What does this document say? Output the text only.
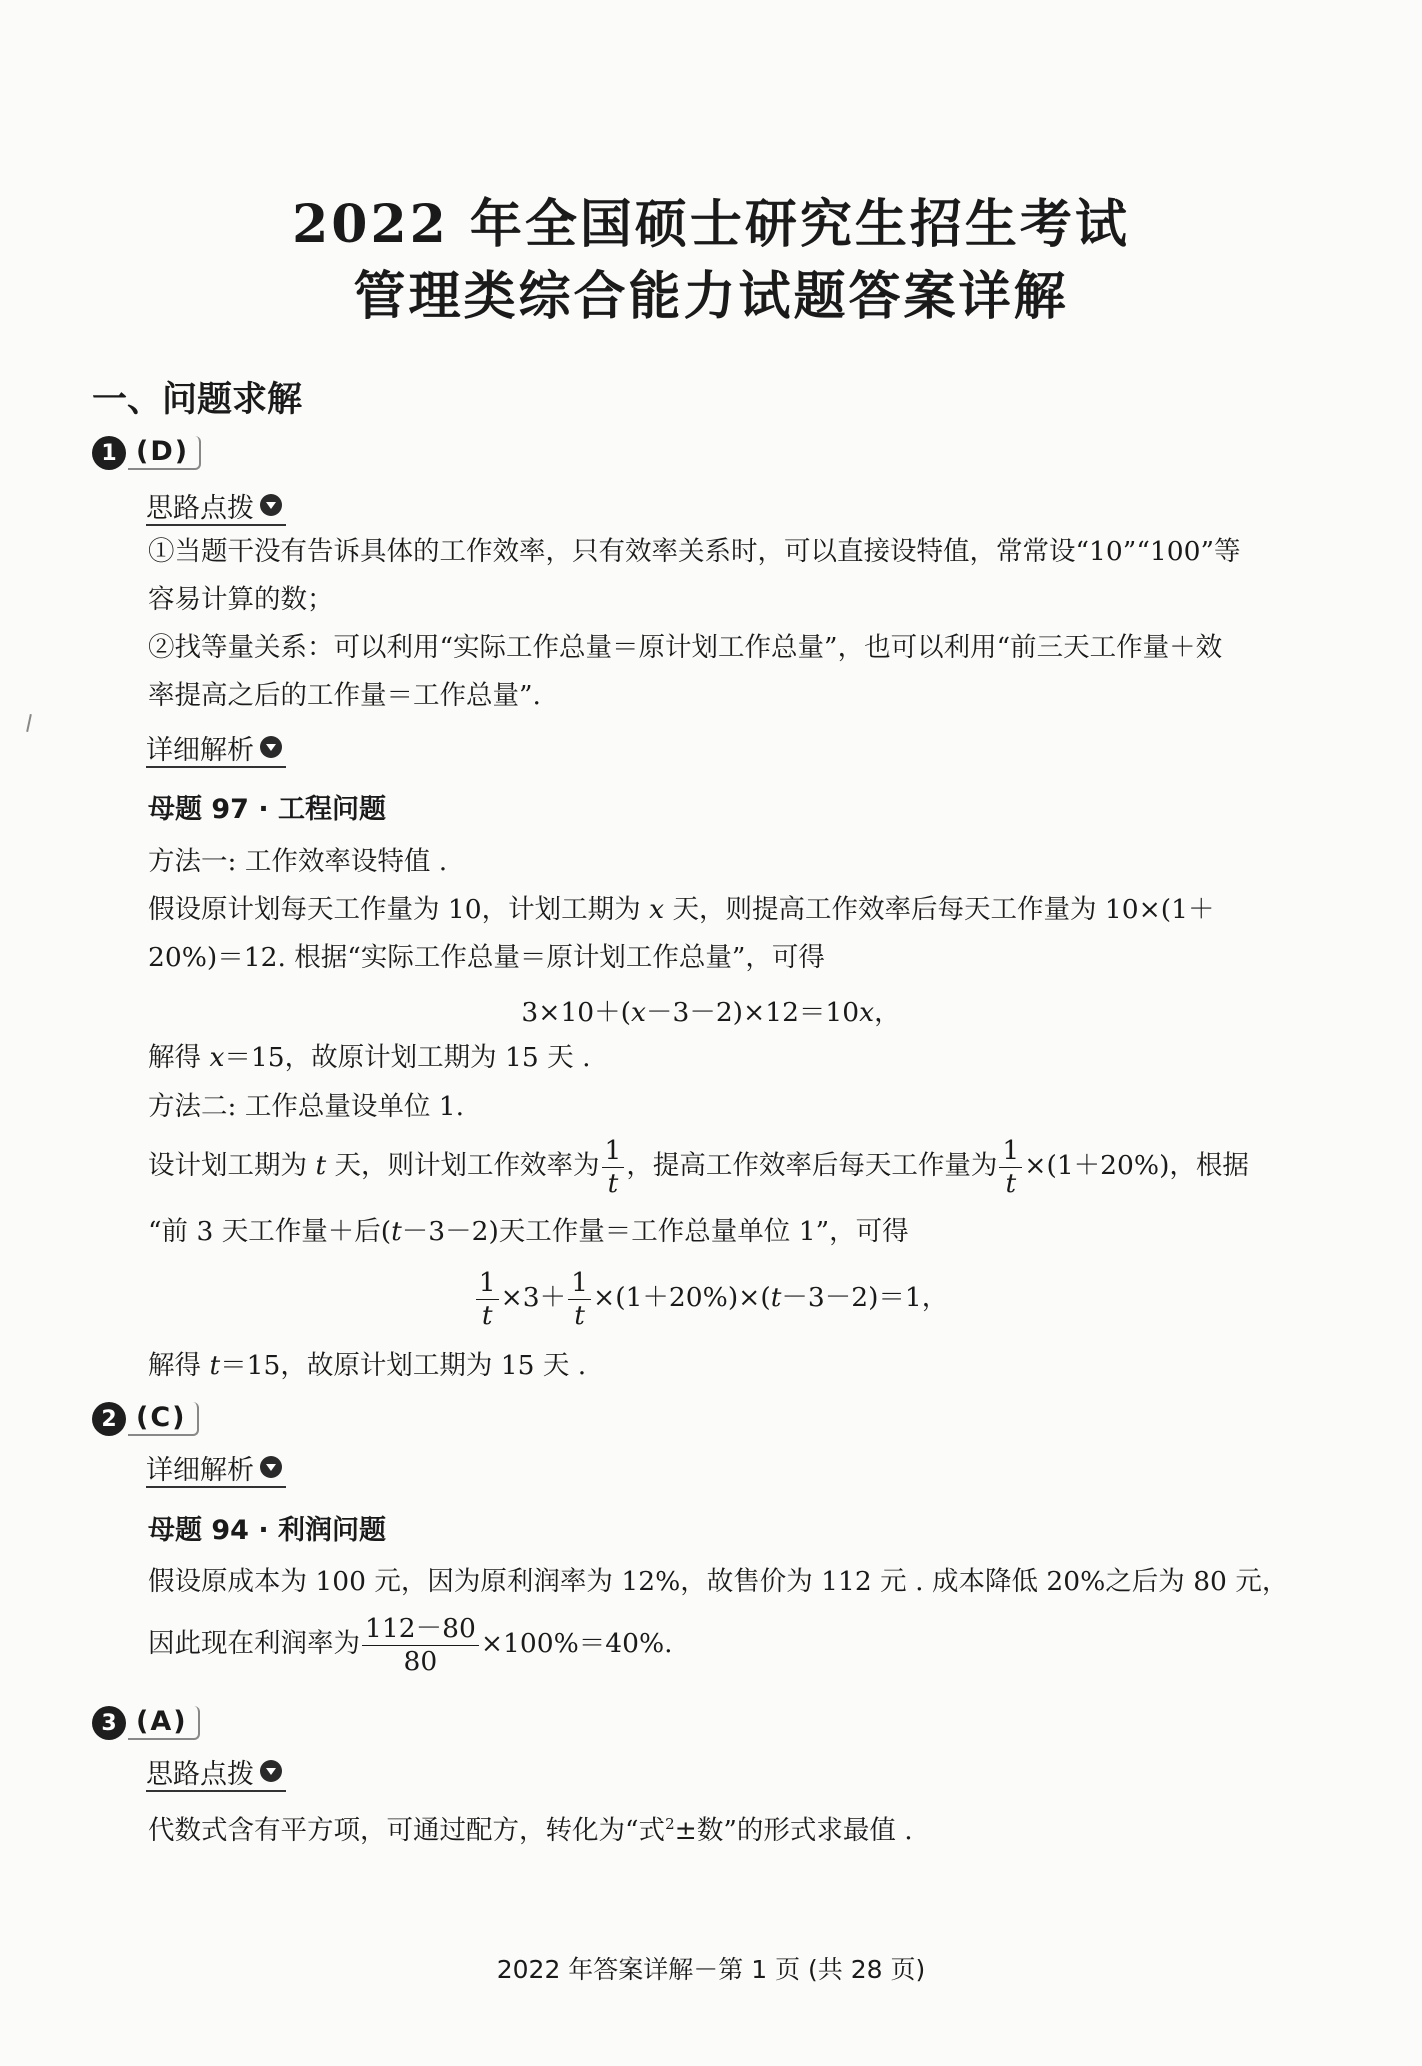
2022 年全国硕士研究生招生考试
管理类综合能力试题答案详解
一、问题求解
1 (D)
思路点拨
①当题干没有告诉具体的工作效率，只有效率关系时，可以直接设特值，常常设“10”“100”等
容易计算的数；
②找等量关系：可以利用“实际工作总量＝原计划工作总量”，也可以利用“前三天工作量＋效
率提高之后的工作量＝工作总量”.
详细解析
母题 97 · 工程问题
方法一: 工作效率设特值 .
假设原计划每天工作量为 10，计划工期为 x 天，则提高工作效率后每天工作量为 10×(1＋
20%)＝12. 根据“实际工作总量＝原计划工作总量”，可得
3×10＋(x－3－2)×12＝10x，
解得 x＝15，故原计划工期为 15 天 .
方法二: 工作总量设单位 1.
设计划工期为 t 天，则计划工作效率为 $\frac{1}{t}$ ，提高工作效率后每天工作量为 $\frac{1}{t} \times(1+20\%)$，根据
“前 3 天工作量＋后(t－3－2)天工作量＝工作总量单位 1”，可得
$\frac{1}{t} \times 3+ \frac{1}{t} \times(1+20\%)\times(t-3-2)=1$，
解得 t＝15，故原计划工期为 15 天 .
2 (C)
详细解析
母题 94 · 利润问题
假设原成本为 100 元，因为原利润率为 12%，故售价为 112 元 . 成本降低 20%之后为 80 元，
因此现在利润率为 $\frac{112-80}{80} \times 100\%=40\%$.
3 (A)
思路点拨
代数式含有平方项，可通过配方，转化为“式$^2$±数”的形式求最值 .
2022 年答案详解－第 1 页 (共 28 页)
